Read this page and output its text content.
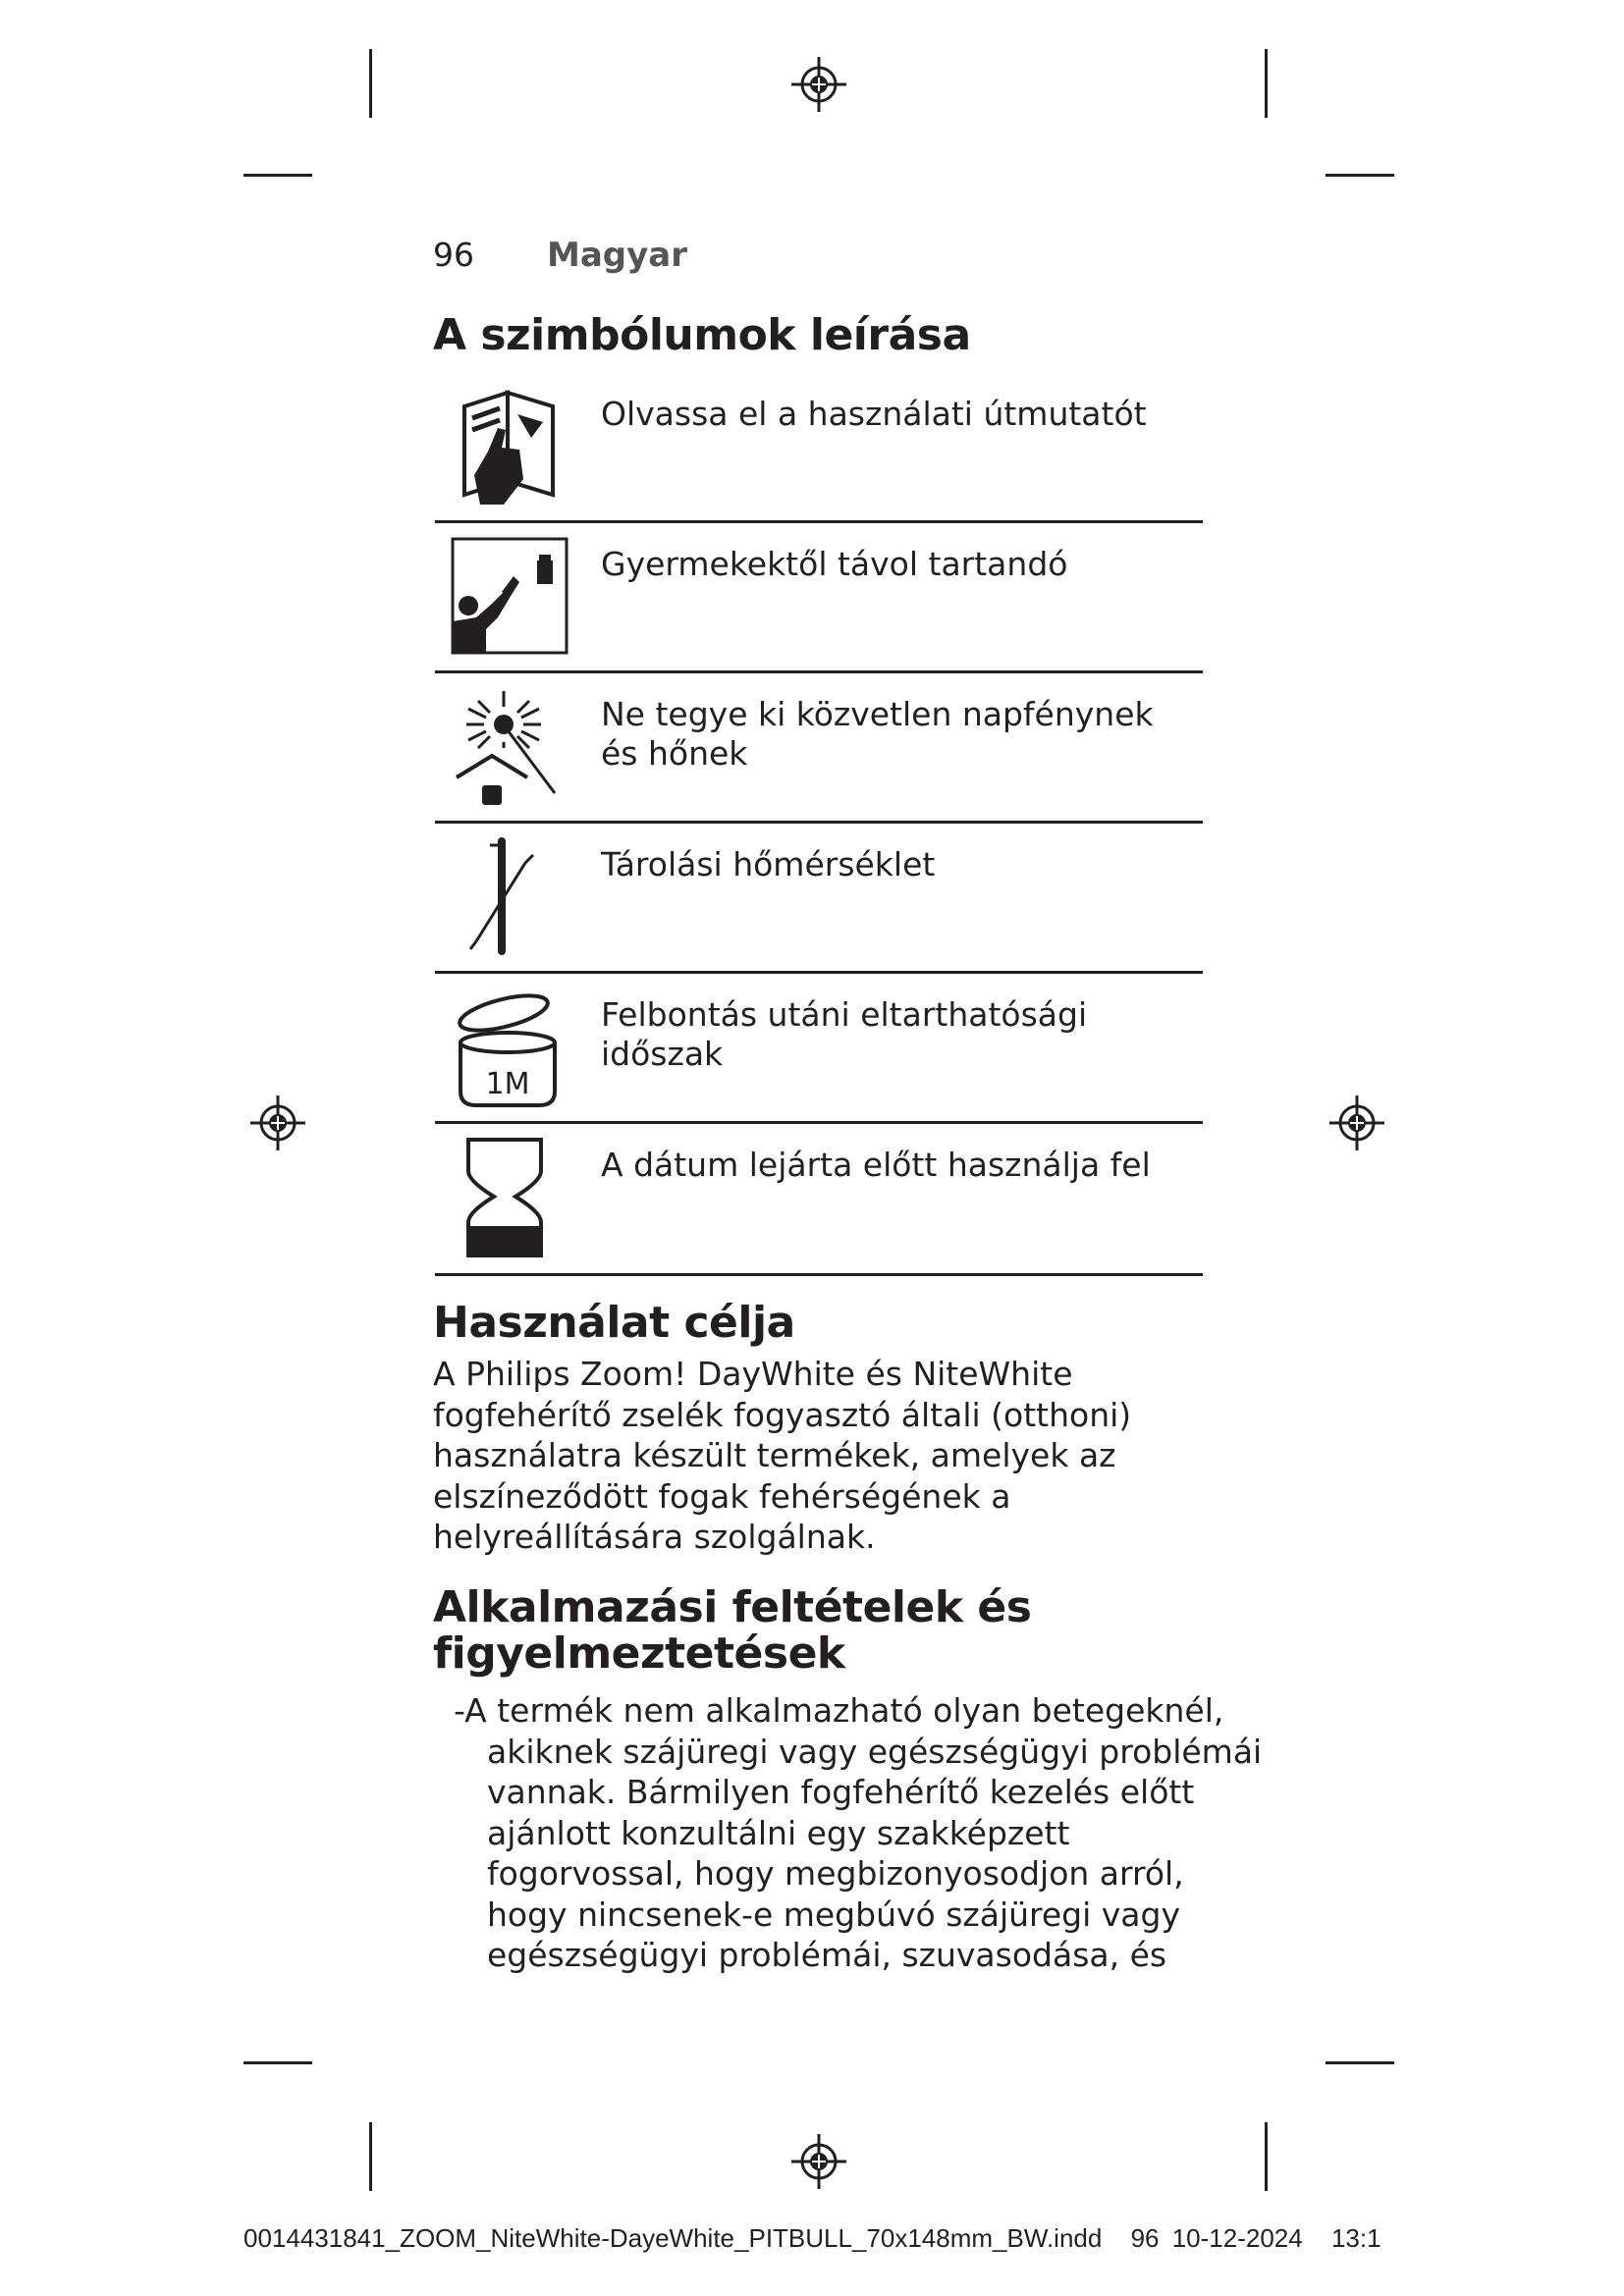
96 Magyar
A szimbólumok leírása
Olvassa el a használati útmutatót
Gyermekektől távol tartandó
Ne tegye ki közvetlen napfénynek és hőnek
Tárolási hőmérséklet
1M
Felbontás utáni eltarthatósági időszak
A dátum lejárta előtt használja fel
Használat célja

A Philips Zoom! DayWhite és NiteWhite fogfehérítő zselék fogyasztó általi (otthoni) használatra készült termékek, amelyek az elszíneződött fogak fehérségének a helyreállítására szolgálnak.

Alkalmazási feltételek és figyelmeztetések

-A termék nem alkalmazható olyan betegeknél, akiknek szájüregi vagy egészségügyi problémái vannak. Bármilyen fogfehérítő kezelés előtt ajánlott konzultálni egy szakképzett fogorvossal, hogy megbizonyosodjon arról, hogy nincsenek-e megbúvó szájüregi vagy egészségügyi problémái, szuvasodása, és

0014431841_ZOOM_NiteWhite-DayeWhite_PITBULL_70x148mm_BW.indd 96 10-12-2024 13:1
